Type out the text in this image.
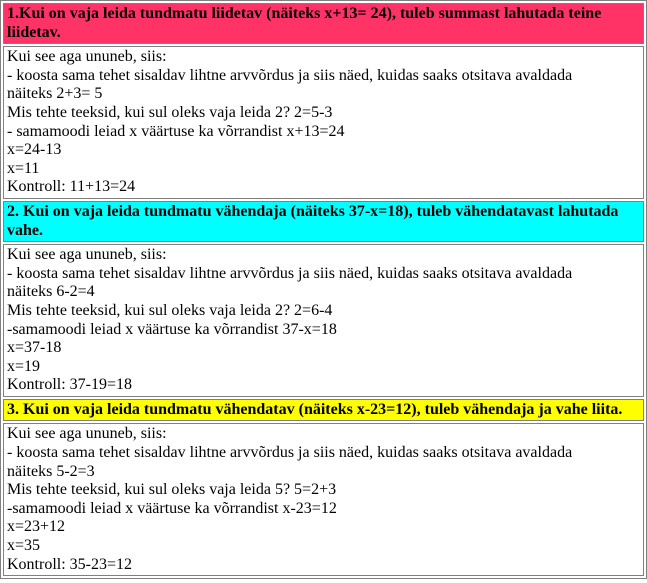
1.Kui on vaja leida tundmatu liidetav (näiteks x+13= 24), tuleb summast lahutada teine liidetav.

Kui see aga ununeb, siis:
- koosta sama tehet sisaldav lihtne arvvõrdus ja siis näed, kuidas saaks otsitava avaldada
näiteks 2+3= 5
Mis tehte teeksid, kui sul oleks vaja leida 2? 2=5-3
- samamoodi leiad x väärtuse ka võrrandist x+13=24
x=24-13
x=11
Kontroll: 11+13=24

2. Kui on vaja leida tundmatu vähendaja (näiteks 37-x=18), tuleb vähendatavast lahutada vahe.

Kui see aga ununeb, siis:
- koosta sama tehet sisaldav lihtne arvvõrdus ja siis näed, kuidas saaks otsitava avaldada
näiteks 6-2=4
Mis tehte teeksid, kui sul oleks vaja leida 2? 2=6-4
-samamoodi leiad x väärtuse ka võrrandist 37-x=18
x=37-18
x=19
Kontroll: 37-19=18

3. Kui on vaja leida tundmatu vähendatav (näiteks x-23=12), tuleb vähendaja ja vahe liita.

Kui see aga ununeb, siis:
- koosta sama tehet sisaldav lihtne arvvõrdus ja siis näed, kuidas saaks otsitava avaldada
näiteks 5-2=3
Mis tehte teeksid, kui sul oleks vaja leida 5? 5=2+3
-samamoodi leiad x väärtuse ka võrrandist x-23=12
x=23+12
x=35
Kontroll: 35-23=12
